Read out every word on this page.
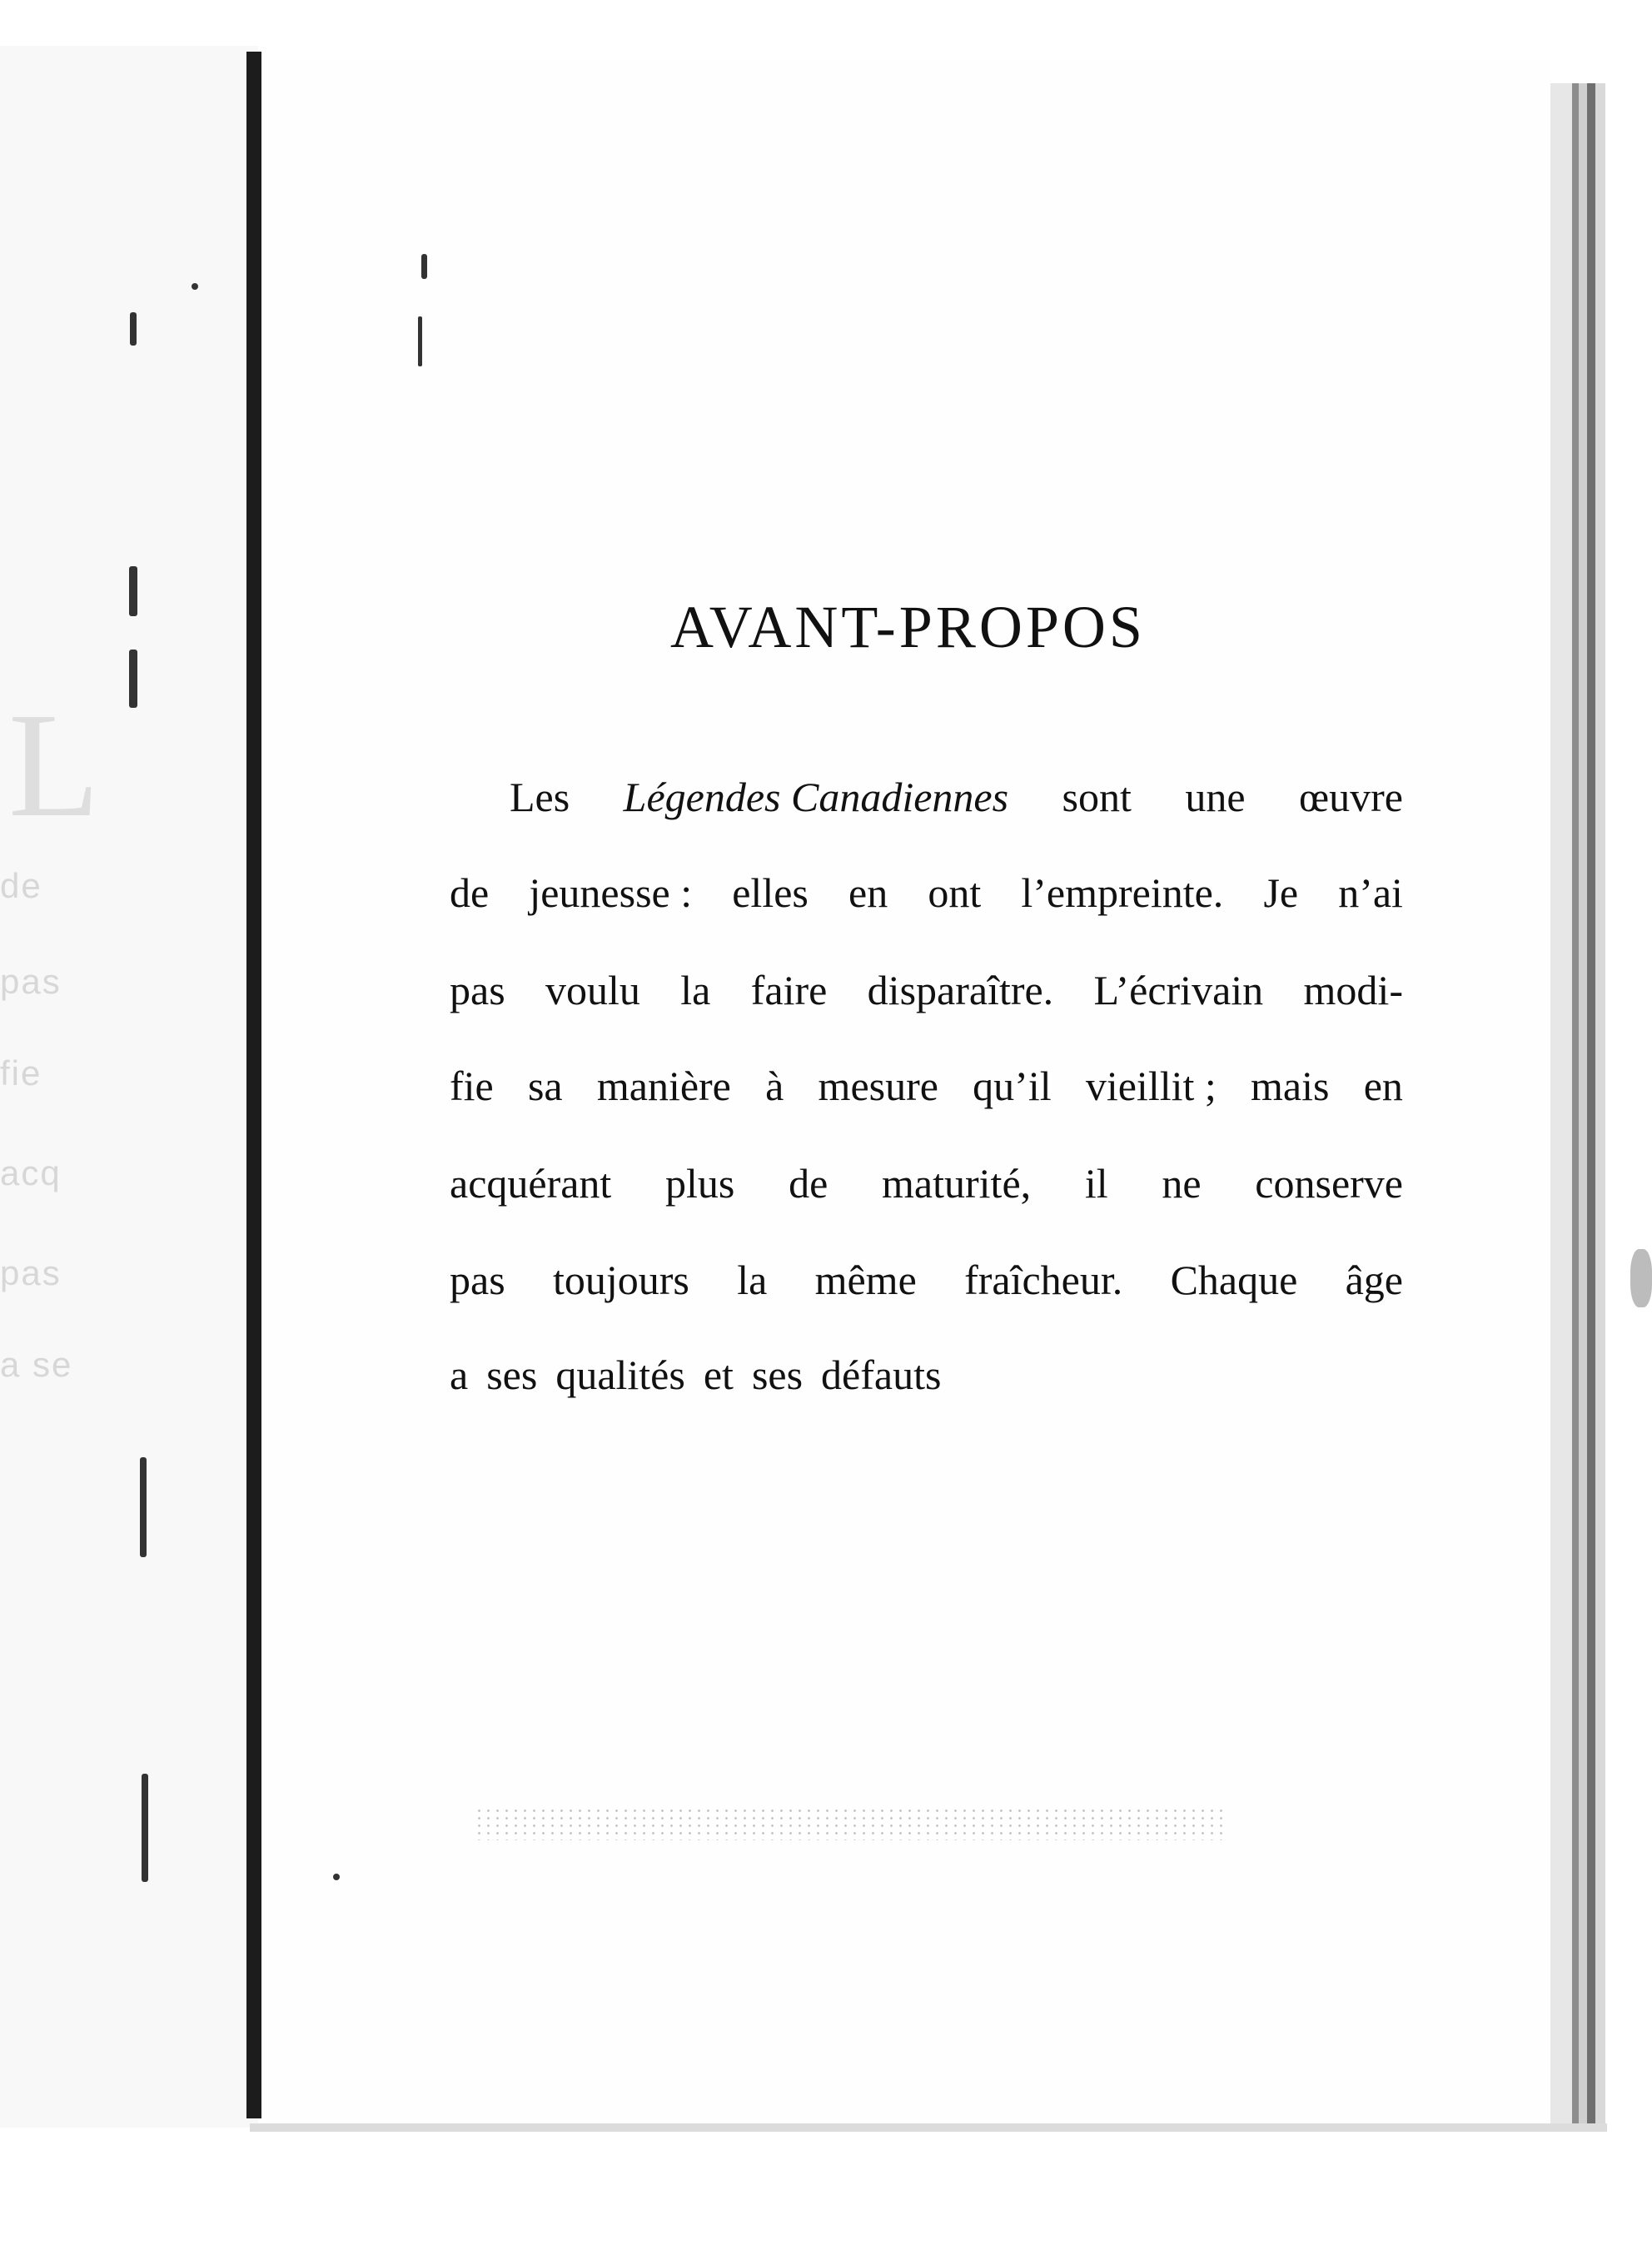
L
de
pas
fie
acq
pas
a se
AVANT-PROPOS
Les Légendes Canadiennes sont une œuvre
de jeunesse : elles en ont l’empreinte. Je n’ai
pas voulu la faire disparaître. L’écrivain modi-
fie sa manière à mesure qu’il vieillit ; mais en
acquérant plus de maturité, il ne conserve
pas toujours la même fraîcheur. Chaque âge
a ses qualités et ses défauts
